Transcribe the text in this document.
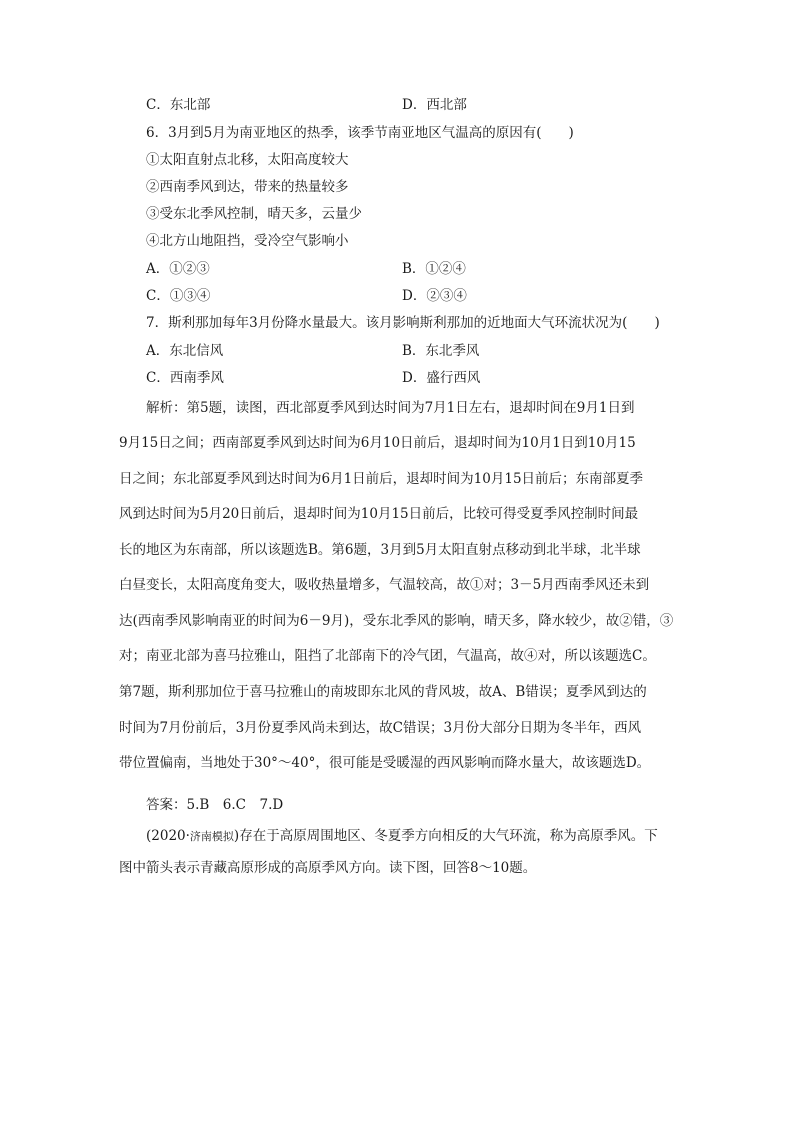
C．东北部	D．西北部
6．3月到5月为南亚地区的热季，该季节南亚地区气温高的原因有(　　)
①太阳直射点北移，太阳高度较大
②西南季风到达，带来的热量较多
③受东北季风控制，晴天多，云量少
④北方山地阻挡，受冷空气影响小
A．①②③	B．①②④
C．①③④	D．②③④
7．斯利那加每年3月份降水量最大。该月影响斯利那加的近地面大气环流状况为(　　)
A．东北信风	B．东北季风
C．西南季风	D．盛行西风
解析：第5题，读图，西北部夏季风到达时间为7月1日左右，退却时间在9月1日到
9月15日之间；西南部夏季风到达时间为6月10日前后，退却时间为10月1日到10月15
日之间；东北部夏季风到达时间为6月1日前后，退却时间为10月15日前后；东南部夏季
风到达时间为5月20日前后，退却时间为10月15日前后，比较可得受夏季风控制时间最
长的地区为东南部，所以该题选B。第6题，3月到5月太阳直射点移动到北半球，北半球
白昼变长，太阳高度角变大，吸收热量增多，气温较高，故①对；3－5月西南季风还未到
达(西南季风影响南亚的时间为6－9月)，受东北季风的影响，晴天多，降水较少，故②错，③
对；南亚北部为喜马拉雅山，阻挡了北部南下的冷气团，气温高，故④对，所以该题选C。
第7题，斯利那加位于喜马拉雅山的南坡即东北风的背风坡，故A、B错误；夏季风到达的
时间为7月份前后，3月份夏季风尚未到达，故C错误；3月份大部分日期为冬半年，西风
带位置偏南，当地处于30°～40°，很可能是受暖湿的西风影响而降水量大，故该题选D。
答案：5.B　6.C　7.D
(2020·济南模拟)存在于高原周围地区、冬夏季方向相反的大气环流，称为高原季风。下
图中箭头表示青藏高原形成的高原季风方向。读下图，回答8～10题。
